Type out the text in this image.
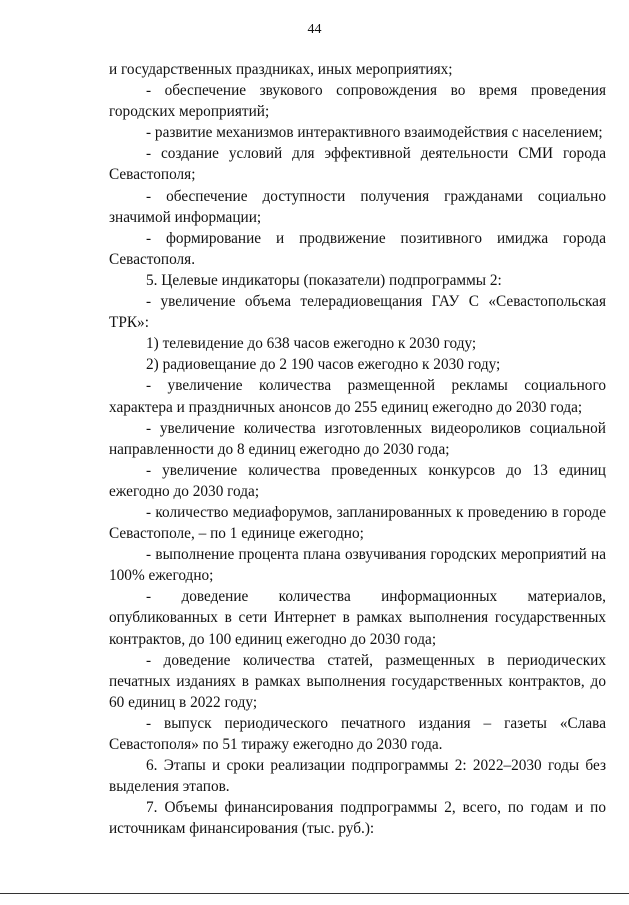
44

и государственных праздниках, иных мероприятиях;

- обеспечение звукового сопровождения во время проведения городских мероприятий;

- развитие механизмов интерактивного взаимодействия с населением;

- создание условий для эффективной деятельности СМИ города Севастополя;

- обеспечение доступности получения гражданами социально значимой информации;

- формирование и продвижение позитивного имиджа города Севастополя.

5. Целевые индикаторы (показатели) подпрограммы 2:

- увеличение объема телерадиовещания ГАУ С «Севастопольская ТРК»:

1) телевидение до 638 часов ежегодно к 2030 году;

2) радиовещание до 2 190 часов ежегодно к 2030 году;

- увеличение количества размещенной рекламы социального характера и праздничных анонсов до 255 единиц ежегодно до 2030 года;

- увеличение количества изготовленных видеороликов социальной направленности до 8 единиц ежегодно до 2030 года;

- увеличение количества проведенных конкурсов до 13 единиц ежегодно до 2030 года;

- количество медиафорумов, запланированных к проведению в городе Севастополе, – по 1 единице ежегодно;

- выполнение процента плана озвучивания городских мероприятий на 100% ежегодно;

- доведение количества информационных материалов, опубликованных в сети Интернет в рамках выполнения государственных контрактов, до 100 единиц ежегодно до 2030 года;

- доведение количества статей, размещенных в периодических печатных изданиях в рамках выполнения государственных контрактов, до 60 единиц в 2022 году;

- выпуск периодического печатного издания – газеты «Слава Севастополя» по 51 тиражу ежегодно до 2030 года.

6. Этапы и сроки реализации подпрограммы 2: 2022–2030 годы без выделения этапов.

7. Объемы финансирования подпрограммы 2, всего, по годам и по источникам финансирования (тыс. руб.):
